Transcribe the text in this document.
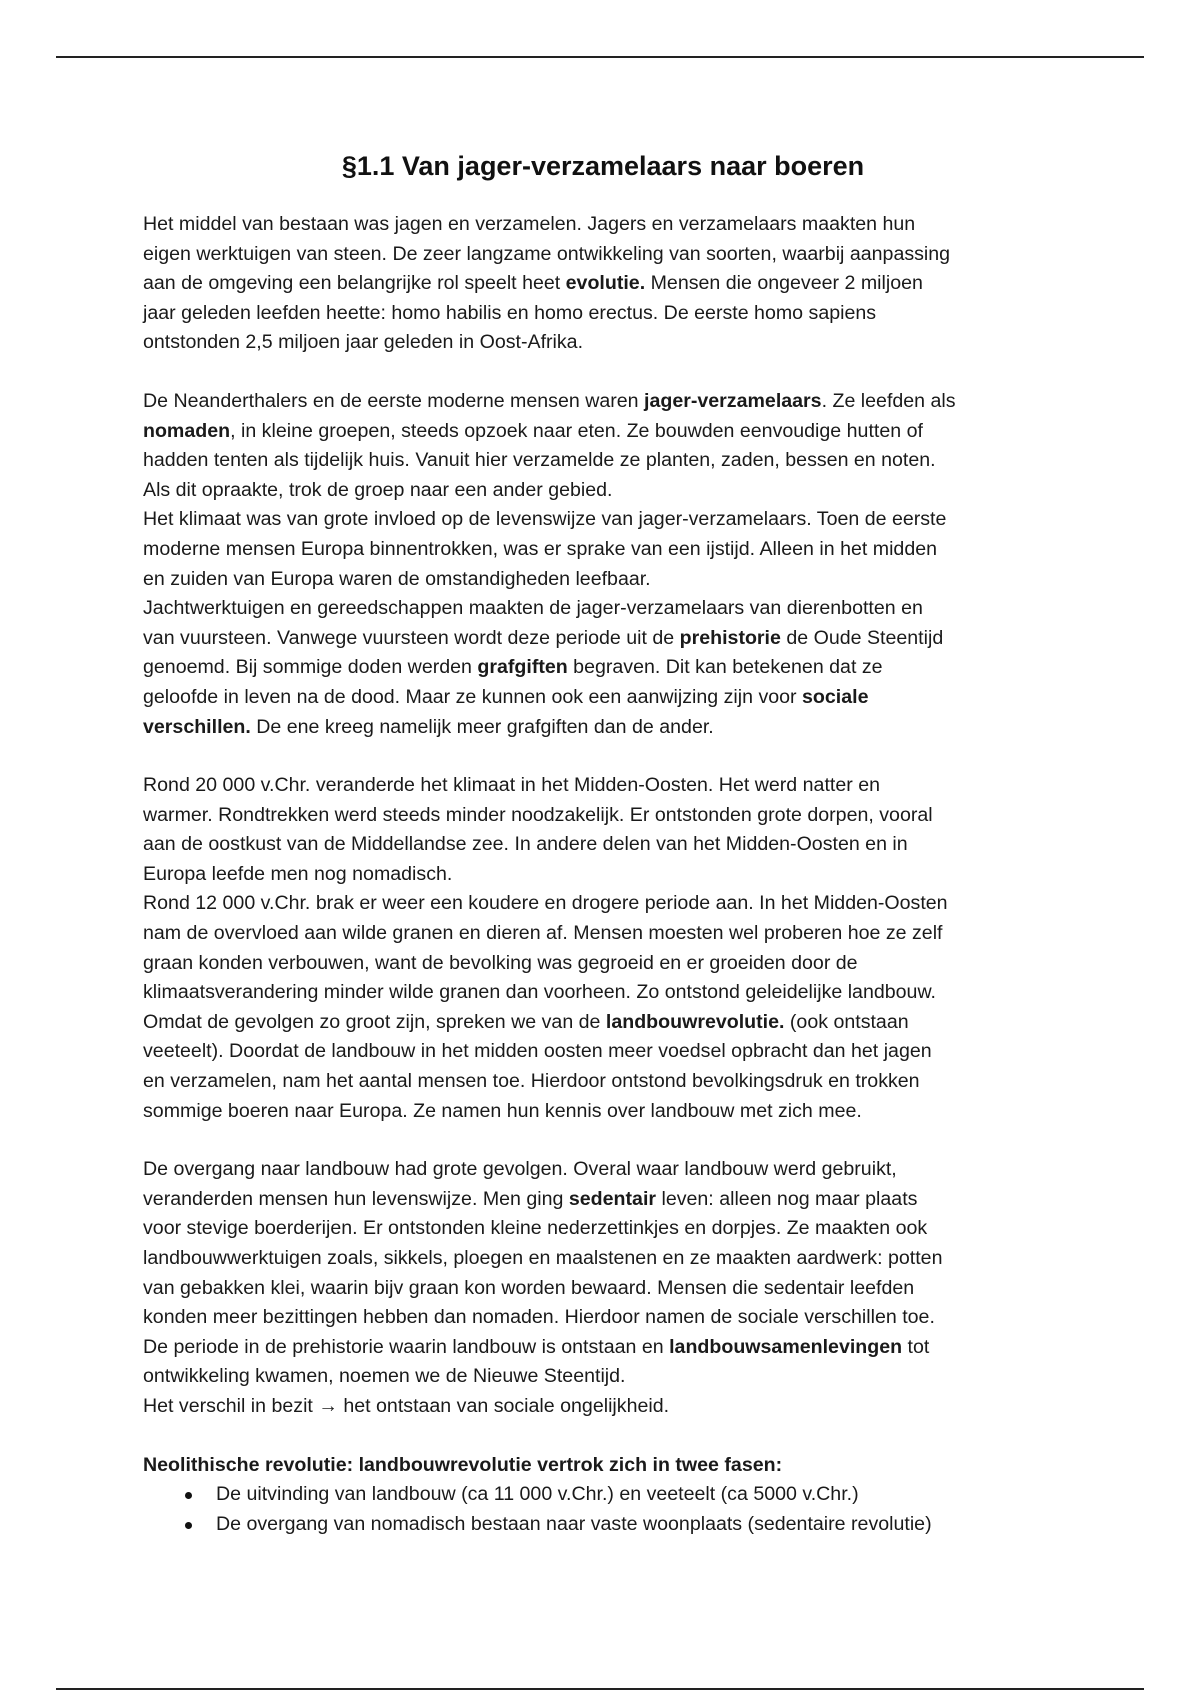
§1.1 Van jager-verzamelaars naar boeren

Het middel van bestaan was jagen en verzamelen. Jagers en verzamelaars maakten hun
eigen werktuigen van steen. De zeer langzame ontwikkeling van soorten, waarbij aanpassing
aan de omgeving een belangrijke rol speelt heet evolutie. Mensen die ongeveer 2 miljoen
jaar geleden leefden heette: homo habilis en homo erectus. De eerste homo sapiens
ontstonden 2,5 miljoen jaar geleden in Oost-Afrika.

De Neanderthalers en de eerste moderne mensen waren jager-verzamelaars. Ze leefden als
nomaden, in kleine groepen, steeds opzoek naar eten. Ze bouwden eenvoudige hutten of
hadden tenten als tijdelijk huis. Vanuit hier verzamelde ze planten, zaden, bessen en noten.
Als dit opraakte, trok de groep naar een ander gebied.
Het klimaat was van grote invloed op de levenswijze van jager-verzamelaars. Toen de eerste
moderne mensen Europa binnentrokken, was er sprake van een ijstijd. Alleen in het midden
en zuiden van Europa waren de omstandigheden leefbaar.
Jachtwerktuigen en gereedschappen maakten de jager-verzamelaars van dierenbotten en
van vuursteen. Vanwege vuursteen wordt deze periode uit de prehistorie de Oude Steentijd
genoemd. Bij sommige doden werden grafgiften begraven. Dit kan betekenen dat ze
geloofde in leven na de dood. Maar ze kunnen ook een aanwijzing zijn voor sociale
verschillen. De ene kreeg namelijk meer grafgiften dan de ander.

Rond 20 000 v.Chr. veranderde het klimaat in het Midden-Oosten. Het werd natter en
warmer. Rondtrekken werd steeds minder noodzakelijk. Er ontstonden grote dorpen, vooral
aan de oostkust van de Middellandse zee. In andere delen van het Midden-Oosten en in
Europa leefde men nog nomadisch.
Rond 12 000 v.Chr. brak er weer een koudere en drogere periode aan. In het Midden-Oosten
nam de overvloed aan wilde granen en dieren af. Mensen moesten wel proberen hoe ze zelf
graan konden verbouwen, want de bevolking was gegroeid en er groeiden door de
klimaatsverandering minder wilde granen dan voorheen. Zo ontstond geleidelijke landbouw.
Omdat de gevolgen zo groot zijn, spreken we van de landbouwrevolutie. (ook ontstaan
veeteelt). Doordat de landbouw in het midden oosten meer voedsel opbracht dan het jagen
en verzamelen, nam het aantal mensen toe. Hierdoor ontstond bevolkingsdruk en trokken
sommige boeren naar Europa. Ze namen hun kennis over landbouw met zich mee.

De overgang naar landbouw had grote gevolgen. Overal waar landbouw werd gebruikt,
veranderden mensen hun levenswijze. Men ging sedentair leven: alleen nog maar plaats
voor stevige boerderijen. Er ontstonden kleine nederzettinkjes en dorpjes. Ze maakten ook
landbouwwerktuigen zoals, sikkels, ploegen en maalstenen en ze maakten aardwerk: potten
van gebakken klei, waarin bijv graan kon worden bewaard. Mensen die sedentair leefden
konden meer bezittingen hebben dan nomaden. Hierdoor namen de sociale verschillen toe.
De periode in de prehistorie waarin landbouw is ontstaan en landbouwsamenlevingen tot
ontwikkeling kwamen, noemen we de Nieuwe Steentijd.
Het verschil in bezit → het ontstaan van sociale ongelijkheid.

Neolithische revolutie: landbouwrevolutie vertrok zich in twee fasen:

De uitvinding van landbouw (ca 11 000 v.Chr.) en veeteelt (ca 5000 v.Chr.)
De overgang van nomadisch bestaan naar vaste woonplaats (sedentaire revolutie)
